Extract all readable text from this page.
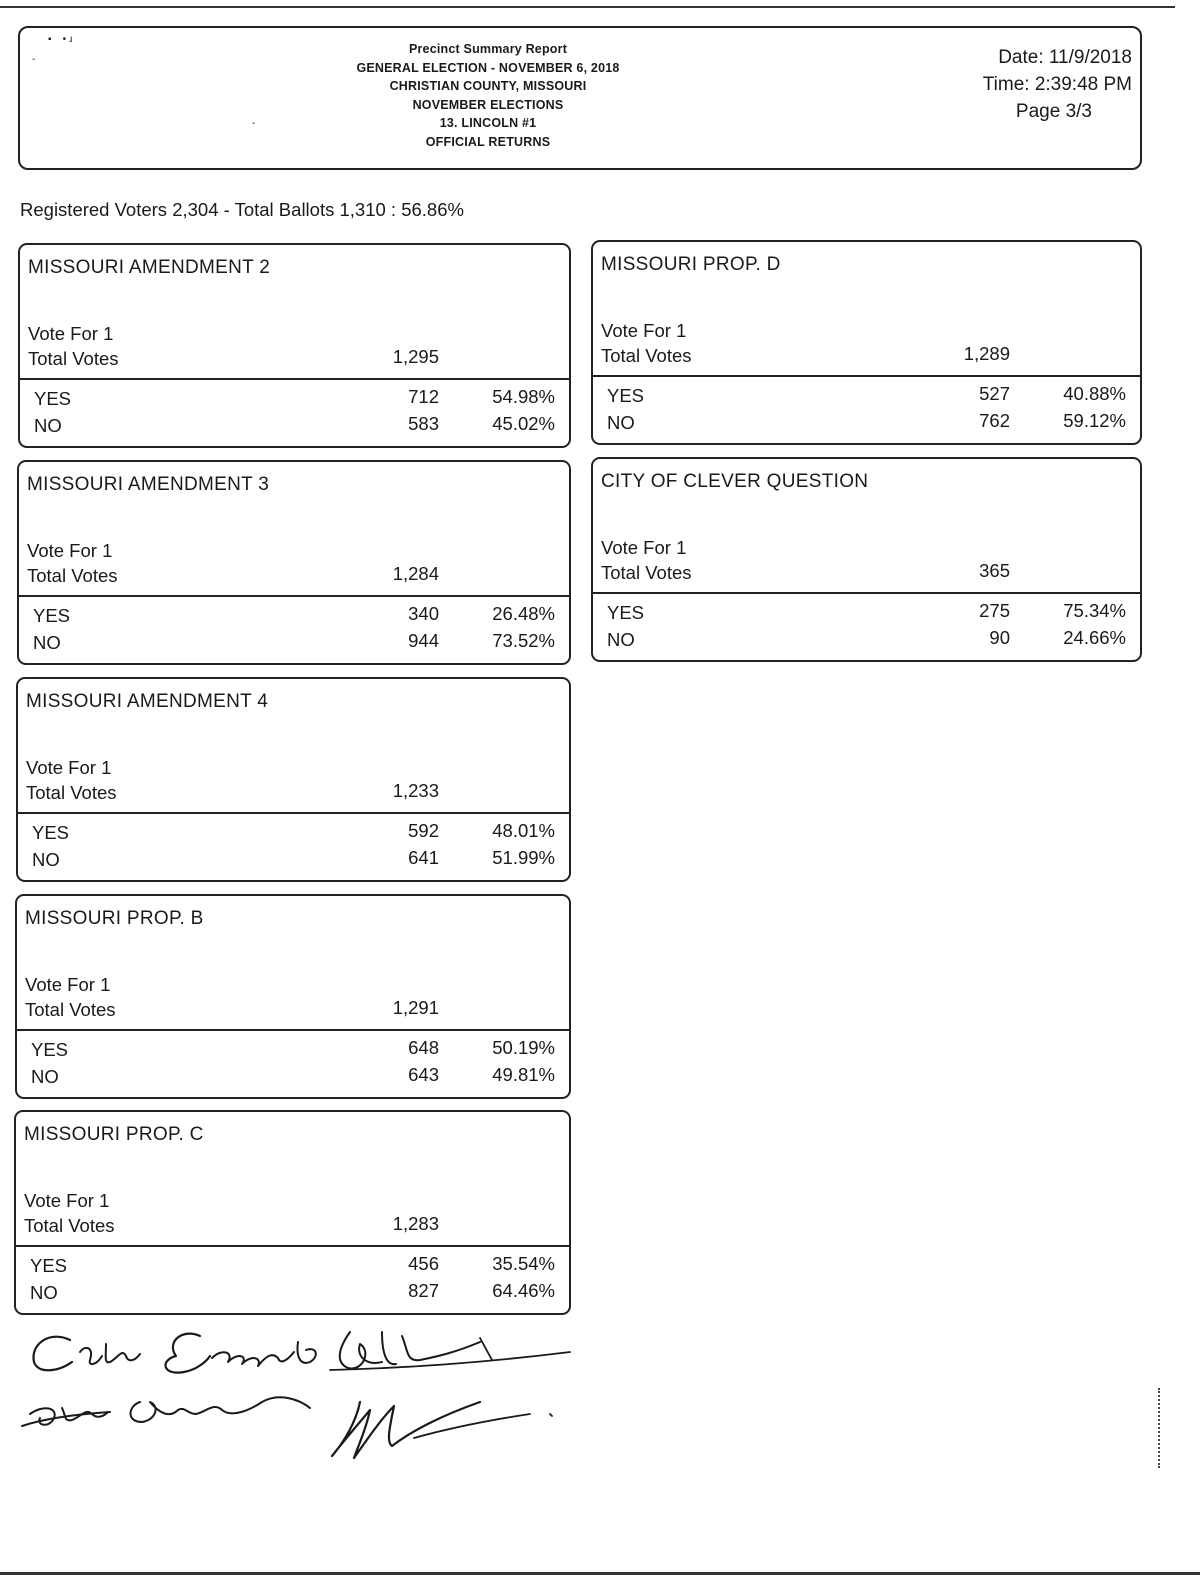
▪    • ɹ
-
-
Precinct Summary Report
GENERAL ELECTION - NOVEMBER 6, 2018
CHRISTIAN COUNTY, MISSOURI
NOVEMBER ELECTIONS
13. LINCOLN #1
OFFICIAL RETURNS
Date: 11/9/2018
Time: 2:39:48 PM
Page 3/3
Registered Voters 2,304 - Total Ballots 1,310 : 56.86%
MISSOURI AMENDMENT 2
Vote For 1
Total Votes	1,295
YES	712	54.98%
NO	583	45.02%
MISSOURI PROP. D
Vote For 1
Total Votes	1,289
YES	527	40.88%
NO	762	59.12%
MISSOURI AMENDMENT 3
Vote For 1
Total Votes	1,284
YES	340	26.48%
NO	944	73.52%
CITY OF CLEVER QUESTION
Vote For 1
Total Votes	365
YES	275	75.34%
NO	90	24.66%
MISSOURI AMENDMENT 4
Vote For 1
Total Votes	1,233
YES	592	48.01%
NO	641	51.99%
MISSOURI PROP. B
Vote For 1
Total Votes	1,291
YES	648	50.19%
NO	643	49.81%
MISSOURI PROP. C
Vote For 1
Total Votes	1,283
YES	456	35.54%
NO	827	64.46%
